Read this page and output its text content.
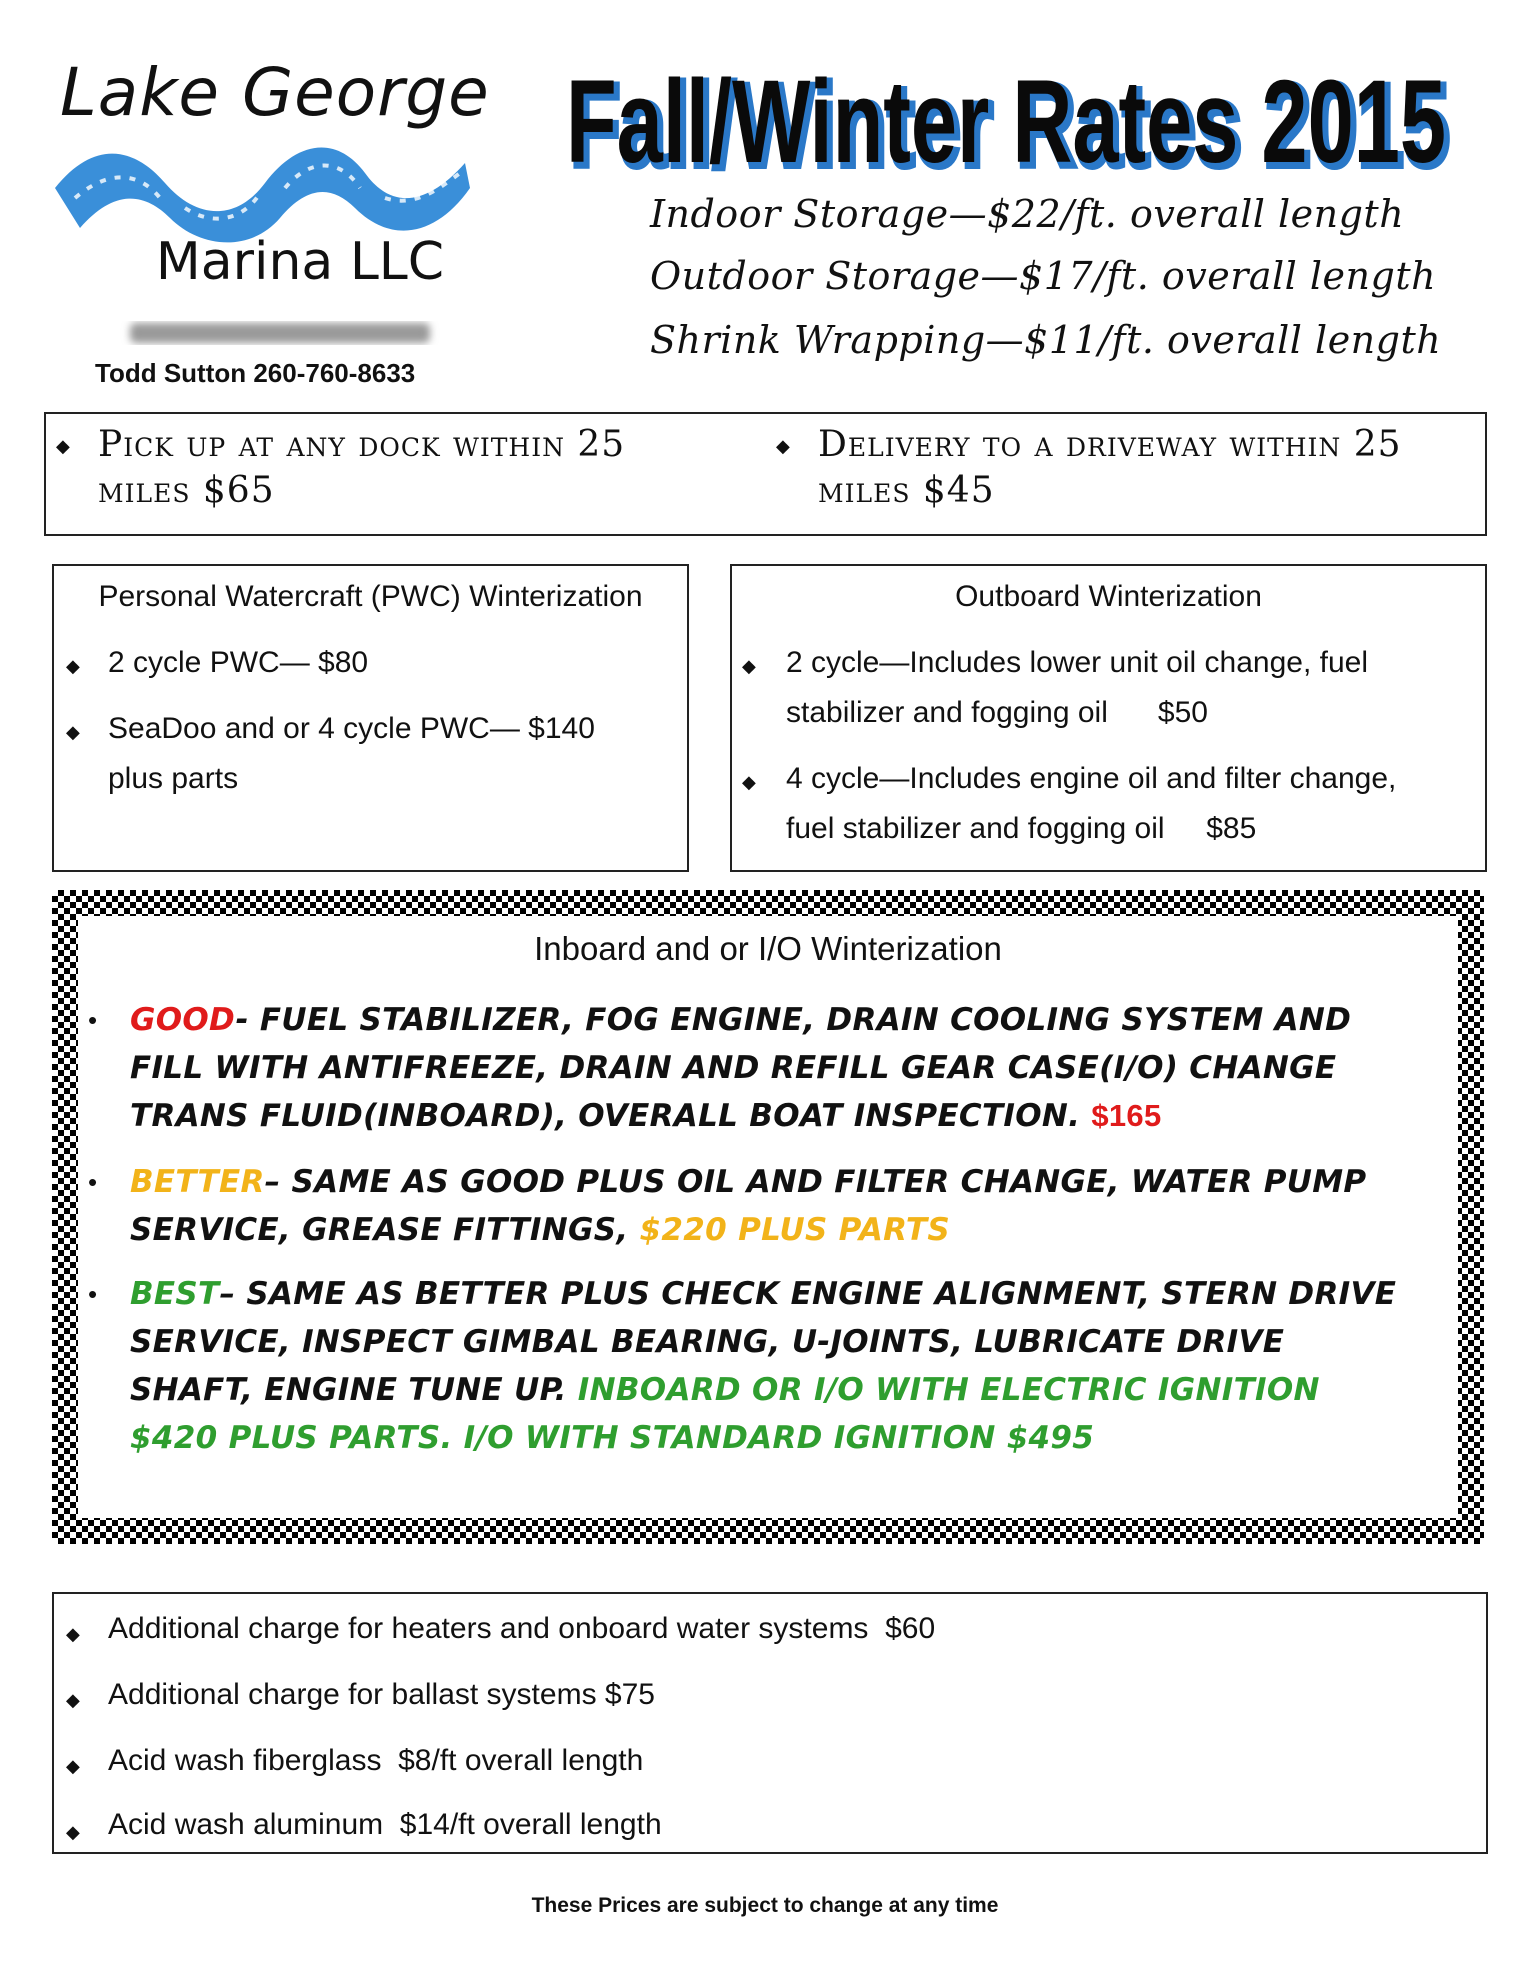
Lake George
Marina LLC
Todd Sutton 260-760-8633
Fall/Winter Rates 2015
Fall/Winter Rates 2015
Indoor Storage—$22/ft. overall length
Outdoor Storage—$17/ft. overall length
Shrink Wrapping—$11/ft. overall length
◆ Pick up at any dock within 25
miles $65
◆ Delivery to a driveway within 25
miles $45
Personal Watercraft (PWC) Winterization
◆ 2 cycle PWC— $80
◆ SeaDoo and or 4 cycle PWC— $140
plus parts
Outboard Winterization
◆ 2 cycle—Includes lower unit oil change, fuel
stabilizer and fogging oil      $50
◆ 4 cycle—Includes engine oil and filter change,
fuel stabilizer and fogging oil     $85
Inboard and or I/O Winterization
• GOOD- FUEL STABILIZER, FOG ENGINE, DRAIN COOLING SYSTEM AND
FILL WITH ANTIFREEZE, DRAIN AND REFILL GEAR CASE(I/O) CHANGE
TRANS FLUID(INBOARD), OVERALL BOAT INSPECTION. $165
• BETTER– SAME AS GOOD PLUS OIL AND FILTER CHANGE, WATER PUMP
SERVICE, GREASE FITTINGS, $220 PLUS PARTS
• BEST– SAME AS BETTER PLUS CHECK ENGINE ALIGNMENT, STERN DRIVE
SERVICE, INSPECT GIMBAL BEARING, U-JOINTS, LUBRICATE DRIVE
SHAFT, ENGINE TUNE UP. INBOARD OR I/O WITH ELECTRIC IGNITION
$420 PLUS PARTS. I/O WITH STANDARD IGNITION $495
◆ Additional charge for heaters and onboard water systems  $60
◆ Additional charge for ballast systems $75
◆ Acid wash fiberglass  $8/ft overall length
◆ Acid wash aluminum  $14/ft overall length
These Prices are subject to change at any time
